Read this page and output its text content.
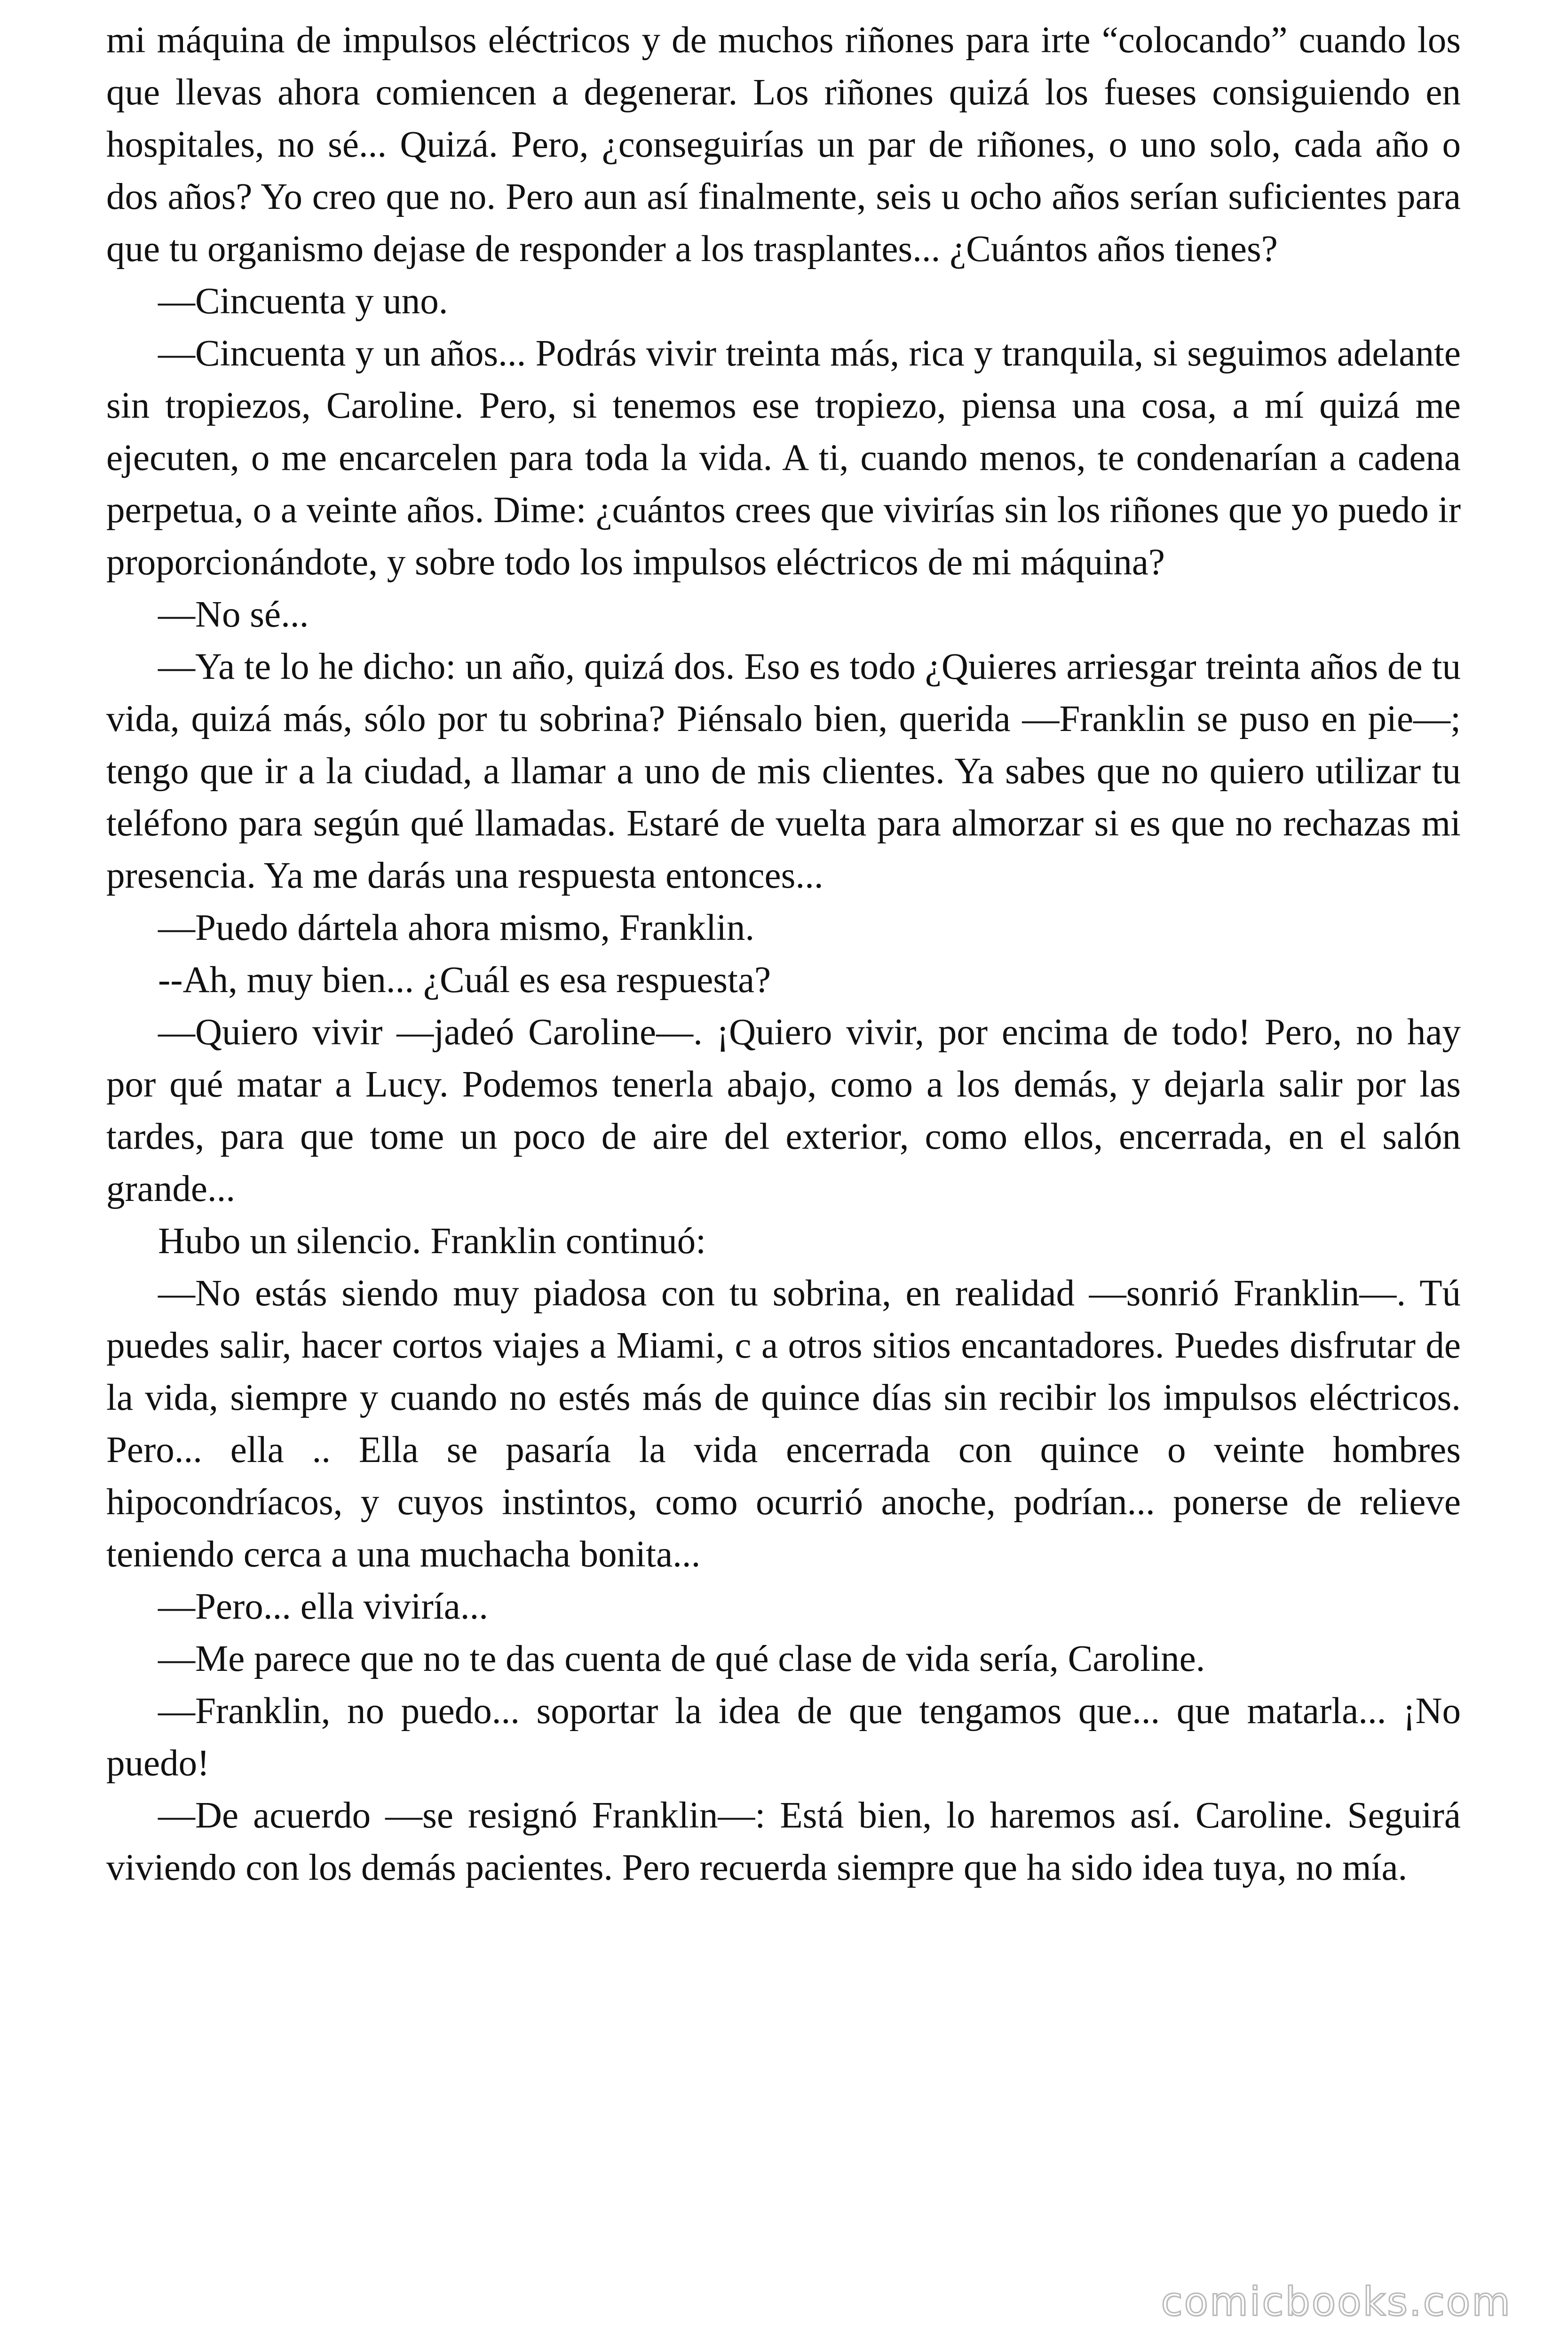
mi máquina de impulsos eléctricos y de muchos riñones para irte “colocando” cuando los que llevas ahora comiencen a degenerar. Los riñones quizá los fueses consiguiendo en hospitales, no sé... Quizá. Pero, ¿conseguirías un par de riñones, o uno solo, cada año o dos años? Yo creo que no. Pero aun así finalmente, seis u ocho años serían suficientes para que tu organismo dejase de responder a los trasplantes... ¿Cuántos años tienes?

—Cincuenta y uno.

—Cincuenta y un años... Podrás vivir treinta más, rica y tranquila, si seguimos adelante sin tropiezos, Caroline. Pero, si tenemos ese tropiezo, piensa una cosa, a mí quizá me ejecuten, o me encarcelen para toda la vida. A ti, cuando menos, te condenarían a cadena perpetua, o a veinte años. Dime: ¿cuántos crees que vivirías sin los riñones que yo puedo ir proporcionándote, y sobre todo los impulsos eléctricos de mi máquina?

—No sé...

—Ya te lo he dicho: un año, quizá dos. Eso es todo ¿Quieres arriesgar treinta años de tu vida, quizá más, sólo por tu sobrina? Piénsalo bien, querida —Franklin se puso en pie—; tengo que ir a la ciudad, a llamar a uno de mis clientes. Ya sabes que no quiero utilizar tu teléfono para según qué llamadas. Estaré de vuelta para almorzar si es que no rechazas mi presencia. Ya me darás una respuesta entonces...

—Puedo dártela ahora mismo, Franklin.

--Ah, muy bien... ¿Cuál es esa respuesta?

—Quiero vivir —jadeó Caroline—. ¡Quiero vivir, por encima de todo! Pero, no hay por qué matar a Lucy. Podemos tenerla abajo, como a los demás, y dejarla salir por las tardes, para que tome un poco de aire del exterior, como ellos, encerrada, en el salón grande...

Hubo un silencio. Franklin continuó:

—No estás siendo muy piadosa con tu sobrina, en realidad —sonrió Franklin—. Tú puedes salir, hacer cortos viajes a Miami, c a otros sitios encantadores. Puedes disfrutar de la vida, siempre y cuando no estés más de quince días sin recibir los impulsos eléctricos. Pero... ella .. Ella se pasaría la vida encerrada con quince o veinte hombres hipocondríacos, y cuyos instintos, como ocurrió anoche, podrían... ponerse de relieve teniendo cerca a una muchacha bonita...

—Pero... ella viviría...

—Me parece que no te das cuenta de qué clase de vida sería, Caroline.

—Franklin, no puedo... soportar la idea de que tengamos que... que matarla... ¡No puedo!

—De acuerdo —se resignó Franklin—: Está bien, lo haremos así. Caroline. Seguirá viviendo con los demás pacientes. Pero recuerda siempre que ha sido idea tuya, no mía.

comicbooks.com
